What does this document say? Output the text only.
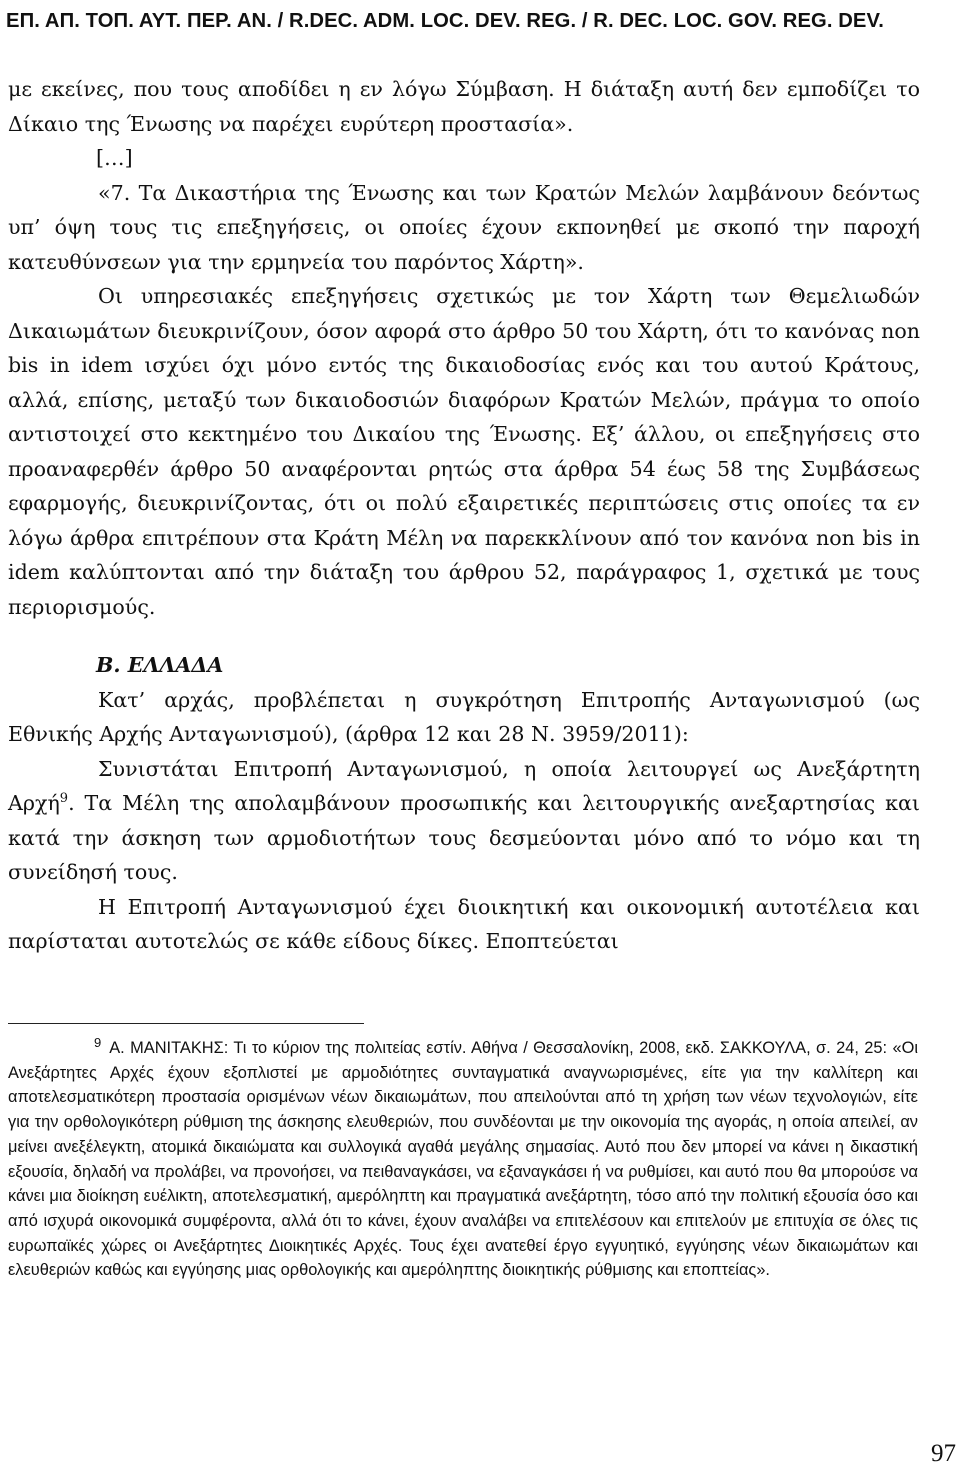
ΕΠ. ΑΠ. ΤΟΠ. ΑΥΤ. ΠΕΡ. ΑΝ. / R.DEC. ADM. LOC. DEV. REG. / R. DEC. LOC. GOV. REG. DEV.

με εκείνες, που τους αποδίδει η εν λόγω Σύμβαση. Η διάταξη αυτή δεν εμποδίζει το Δίκαιο της Ένωσης να παρέχει ευρύτερη προστασία».

[…]

«7. Τα Δικαστήρια της Ένωσης και των Κρατών Μελών λαμβάνουν δεόντως υπ’ όψη τους τις επεξηγήσεις, οι οποίες έχουν εκπονηθεί με σκοπό την παροχή κατευθύνσεων για την ερμηνεία του παρόντος Χάρτη».

Οι υπηρεσιακές επεξηγήσεις σχετικώς με τον Χάρτη των Θεμελιωδών Δικαιωμάτων διευκρινίζουν, όσον αφορά στο άρθρο 50 του Χάρτη, ότι το κανόνας non bis in idem ισχύει όχι μόνο εντός της δικαιοδοσίας ενός και του αυτού Κράτους, αλλά, επίσης, μεταξύ των δικαιοδοσιών διαφόρων Κρατών Μελών, πράγμα το οποίο αντιστοιχεί στο κεκτημένο του Δικαίου της Ένωσης. Εξ’ άλλου, οι επεξηγήσεις στο προαναφερθέν άρθρο 50 αναφέρονται ρητώς στα άρθρα 54 έως 58 της Συμβάσεως εφαρμογής, διευκρινίζοντας, ότι οι πολύ εξαιρετικές περιπτώσεις στις οποίες τα εν λόγω άρθρα επιτρέπουν στα Κράτη Μέλη να παρεκκλίνουν από τον κανόνα non bis in idem καλύπτονται από την διάταξη του άρθρου 52, παράγραφος 1, σχετικά με τους περιορισμούς.

Β. ΕΛΛΑΔΑ

Κατ’ αρχάς, προβλέπεται η συγκρότηση Επιτροπής Ανταγωνισμού (ως Εθνικής Αρχής Ανταγωνισμού), (άρθρα 12 και 28 Ν. 3959/2011):

Συνιστάται Επιτροπή Ανταγωνισμού, η οποία λειτουργεί ως Ανεξάρτητη Αρχή$^9$. Τα Μέλη της απολαμβάνουν προσωπικής και λειτουργικής ανεξαρτησίας και κατά την άσκηση των αρμοδιοτήτων τους δεσμεύονται μόνο από το νόμο και τη συνείδησή τους.

Η Επιτροπή Ανταγωνισμού έχει διοικητική και οικονομική αυτοτέλεια και παρίσταται αυτοτελώς σε κάθε είδους δίκες. Εποπτεύεται

$^9$ Α. ΜΑΝΙΤΑΚΗΣ: Τι το κύριον της πολιτείας εστίν. Αθήνα / Θεσσαλονίκη, 2008, εκδ. ΣΑΚΚΟΥΛΑ, σ. 24, 25: «Οι Ανεξάρτητες Αρχές έχουν εξοπλιστεί με αρμοδιότητες συνταγματικά αναγνωρισμένες, είτε για την καλλίτερη και αποτελεσματικότερη προστασία ορισμένων νέων δικαιωμάτων, που απειλούνται από τη χρήση των νέων τεχνολογιών, είτε για την ορθολογικότερη ρύθμιση της άσκησης ελευθεριών, που συνδέονται με την οικονομία της αγοράς, η οποία απειλεί, αν μείνει ανεξέλεγκτη, ατομικά δικαιώματα και συλλογικά αγαθά μεγάλης σημασίας. Αυτό που δεν μπορεί να κάνει η δικαστική εξουσία, δηλαδή να προλάβει, να προνοήσει, να πειθαναγκάσει, να εξαναγκάσει ή να ρυθμίσει, και αυτό που θα μπορούσε να κάνει μια διοίκηση ευέλικτη, αποτελεσματική, αμερόληπτη και πραγματικά ανεξάρτητη, τόσο από την πολιτική εξουσία όσο και από ισχυρά οικονομικά συμφέροντα, αλλά ότι το κάνει, έχουν αναλάβει να επιτελέσουν και επιτελούν με επιτυχία σε όλες τις ευρωπαϊκές χώρες οι Ανεξάρτητες Διοικητικές Αρχές. Τους έχει ανατεθεί έργο εγγυητικό, εγγύησης νέων δικαιωμάτων και ελευθεριών καθώς και εγγύησης μιας ορθολογικής και αμερόληπτης διοικητικής ρύθμισης και εποπτείας».

97
